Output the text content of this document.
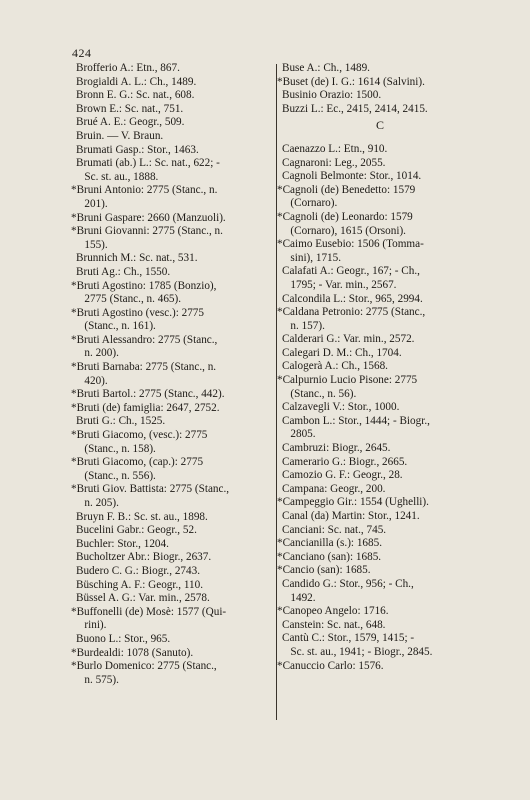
424
Brofferio A.: Etn., 867.
Brogialdi A. L.: Ch., 1489.
Bronn E. G.: Sc. nat., 608.
Brown E.: Sc. nat., 751.
Brué A. E.: Geogr., 509.
Bruin. — V. Braun.
Brumati Gasp.: Stor., 1463.
Brumati (ab.) L.: Sc. nat., 622; -
Sc. st. au., 1888.
*Bruni Antonio: 2775 (Stanc., n.
201).
*Bruni Gaspare: 2660 (Manzuoli).
*Bruni Giovanni: 2775 (Stanc., n.
155).
Brunnich M.: Sc. nat., 531.
Bruti Ag.: Ch., 1550.
*Bruti Agostino: 1785 (Bonzio),
2775 (Stanc., n. 465).
*Bruti Agostino (vesc.): 2775
(Stanc., n. 161).
*Bruti Alessandro: 2775 (Stanc.,
n. 200).
*Bruti Barnaba: 2775 (Stanc., n.
420).
*Bruti Bartol.: 2775 (Stanc., 442).
*Bruti (de) famiglia: 2647, 2752.
Bruti G.: Ch., 1525.
*Bruti Giacomo, (vesc.): 2775
(Stanc., n. 158).
*Bruti Giacomo, (cap.): 2775
(Stanc., n. 556).
*Bruti Giov. Battista: 2775 (Stanc.,
n. 205).
Bruyn F. B.: Sc. st. au., 1898.
Bucelini Gabr.: Geogr., 52.
Buchler: Stor., 1204.
Bucholtzer Abr.: Biogr., 2637.
Budero C. G.: Biogr., 2743.
Büsching A. F.: Geogr., 110.
Büssel A. G.: Var. min., 2578.
*Buffonelli (de) Mosè: 1577 (Qui-
rini).
Buono L.: Stor., 965.
*Burdealdi: 1078 (Sanuto).
*Burlo Domenico: 2775 (Stanc.,
n. 575).
Buse A.: Ch., 1489.
*Buset (de) I. G.: 1614 (Salvini).
Businio Orazio: 1500.
Buzzi L.: Ec., 2415, 2414, 2415.
C
Caenazzo L.: Etn., 910.
Cagnaroni: Leg., 2055.
Cagnoli Belmonte: Stor., 1014.
*Cagnoli (de) Benedetto: 1579
(Cornaro).
*Cagnoli (de) Leonardo: 1579
(Cornaro), 1615 (Orsoni).
*Caimo Eusebio: 1506 (Tomma-
sini), 1715.
Calafati A.: Geogr., 167; - Ch.,
1795; - Var. min., 2567.
Calcondila L.: Stor., 965, 2994.
*Caldana Petronio: 2775 (Stanc.,
n. 157).
Calderari G.: Var. min., 2572.
Calegari D. M.: Ch., 1704.
Calogerà A.: Ch., 1568.
*Calpurnio Lucio Pisone: 2775
(Stanc., n. 56).
Calzavegli V.: Stor., 1000.
Cambon L.: Stor., 1444; - Biogr.,
2805.
Cambruzi: Biogr., 2645.
Camerario G.: Biogr., 2665.
Camozio G. F.: Geogr., 28.
Campana: Geogr., 200.
*Campeggio Gir.: 1554 (Ughelli).
Canal (da) Martin: Stor., 1241.
Canciani: Sc. nat., 745.
*Cancianilla (s.): 1685.
*Canciano (san): 1685.
*Cancio (san): 1685.
Candido G.: Stor., 956; - Ch.,
1492.
*Canopeo Angelo: 1716.
Canstein: Sc. nat., 648.
Cantù C.: Stor., 1579, 1415; -
Sc. st. au., 1941; - Biogr., 2845.
*Canuccio Carlo: 1576.
